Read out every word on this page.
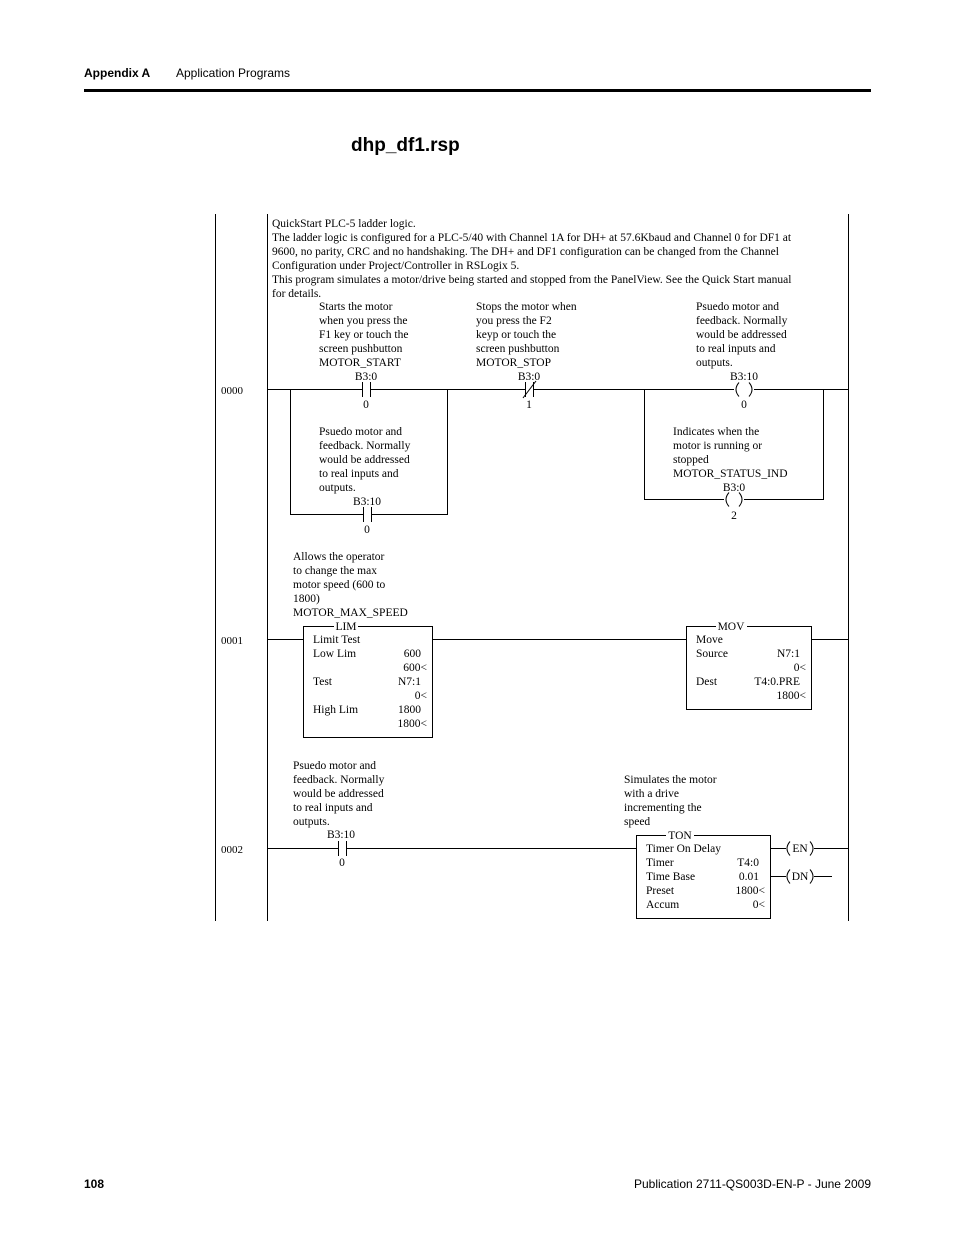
Appendix A Application Programs
dhp_df1.rsp
QuickStart PLC-5 ladder logic.
The ladder logic is configured for a PLC-5/40 with Channel 1A for DH+ at 57.6Kbaud and Channel 0 for DF1 at
9600, no parity, CRC and no handshaking. The DH+ and DF1 configuration can be changed from the Channel
Configuration under Project/Controller in RSLogix 5.
This program simulates a motor/drive being started and stopped from the PanelView. See the Quick Start manual
for details.
0000
Starts the motor
when you press the
F1 key or touch the
screen pushbutton
MOTOR_START
B3:0
0
Stops the motor when
you press the F2
keyp or touch the
screen pushbutton
MOTOR_STOP
B3:0
1
Psuedo motor and
feedback. Normally
would be addressed
to real inputs and
outputs.
B3:10
0
Psuedo motor and
feedback. Normally
would be addressed
to real inputs and
outputs.
B3:10
0
Indicates when the
motor is running or
stopped
MOTOR_STATUS_IND
B3:0
2
0001
Allows the operator
to change the max
motor speed (600 to
1800)
MOTOR_MAX_SPEED
LIM
Limit Test
Low Lim	600
600<
Test	N7:1
0<
High Lim	1800
1800<
MOV
Move
Source	N7:1
0<
Dest	T4:0.PRE
1800<
0002
Psuedo motor and
feedback. Normally
would be addressed
to real inputs and
outputs.
B3:10
0
Simulates the motor
with a drive
incrementing the
speed
TON
Timer On Delay
Timer	T4:0
Time Base	0.01
Preset	1800<
Accum	0<
EN
DN
108	Publication 2711-QS003D-EN-P - June 2009
